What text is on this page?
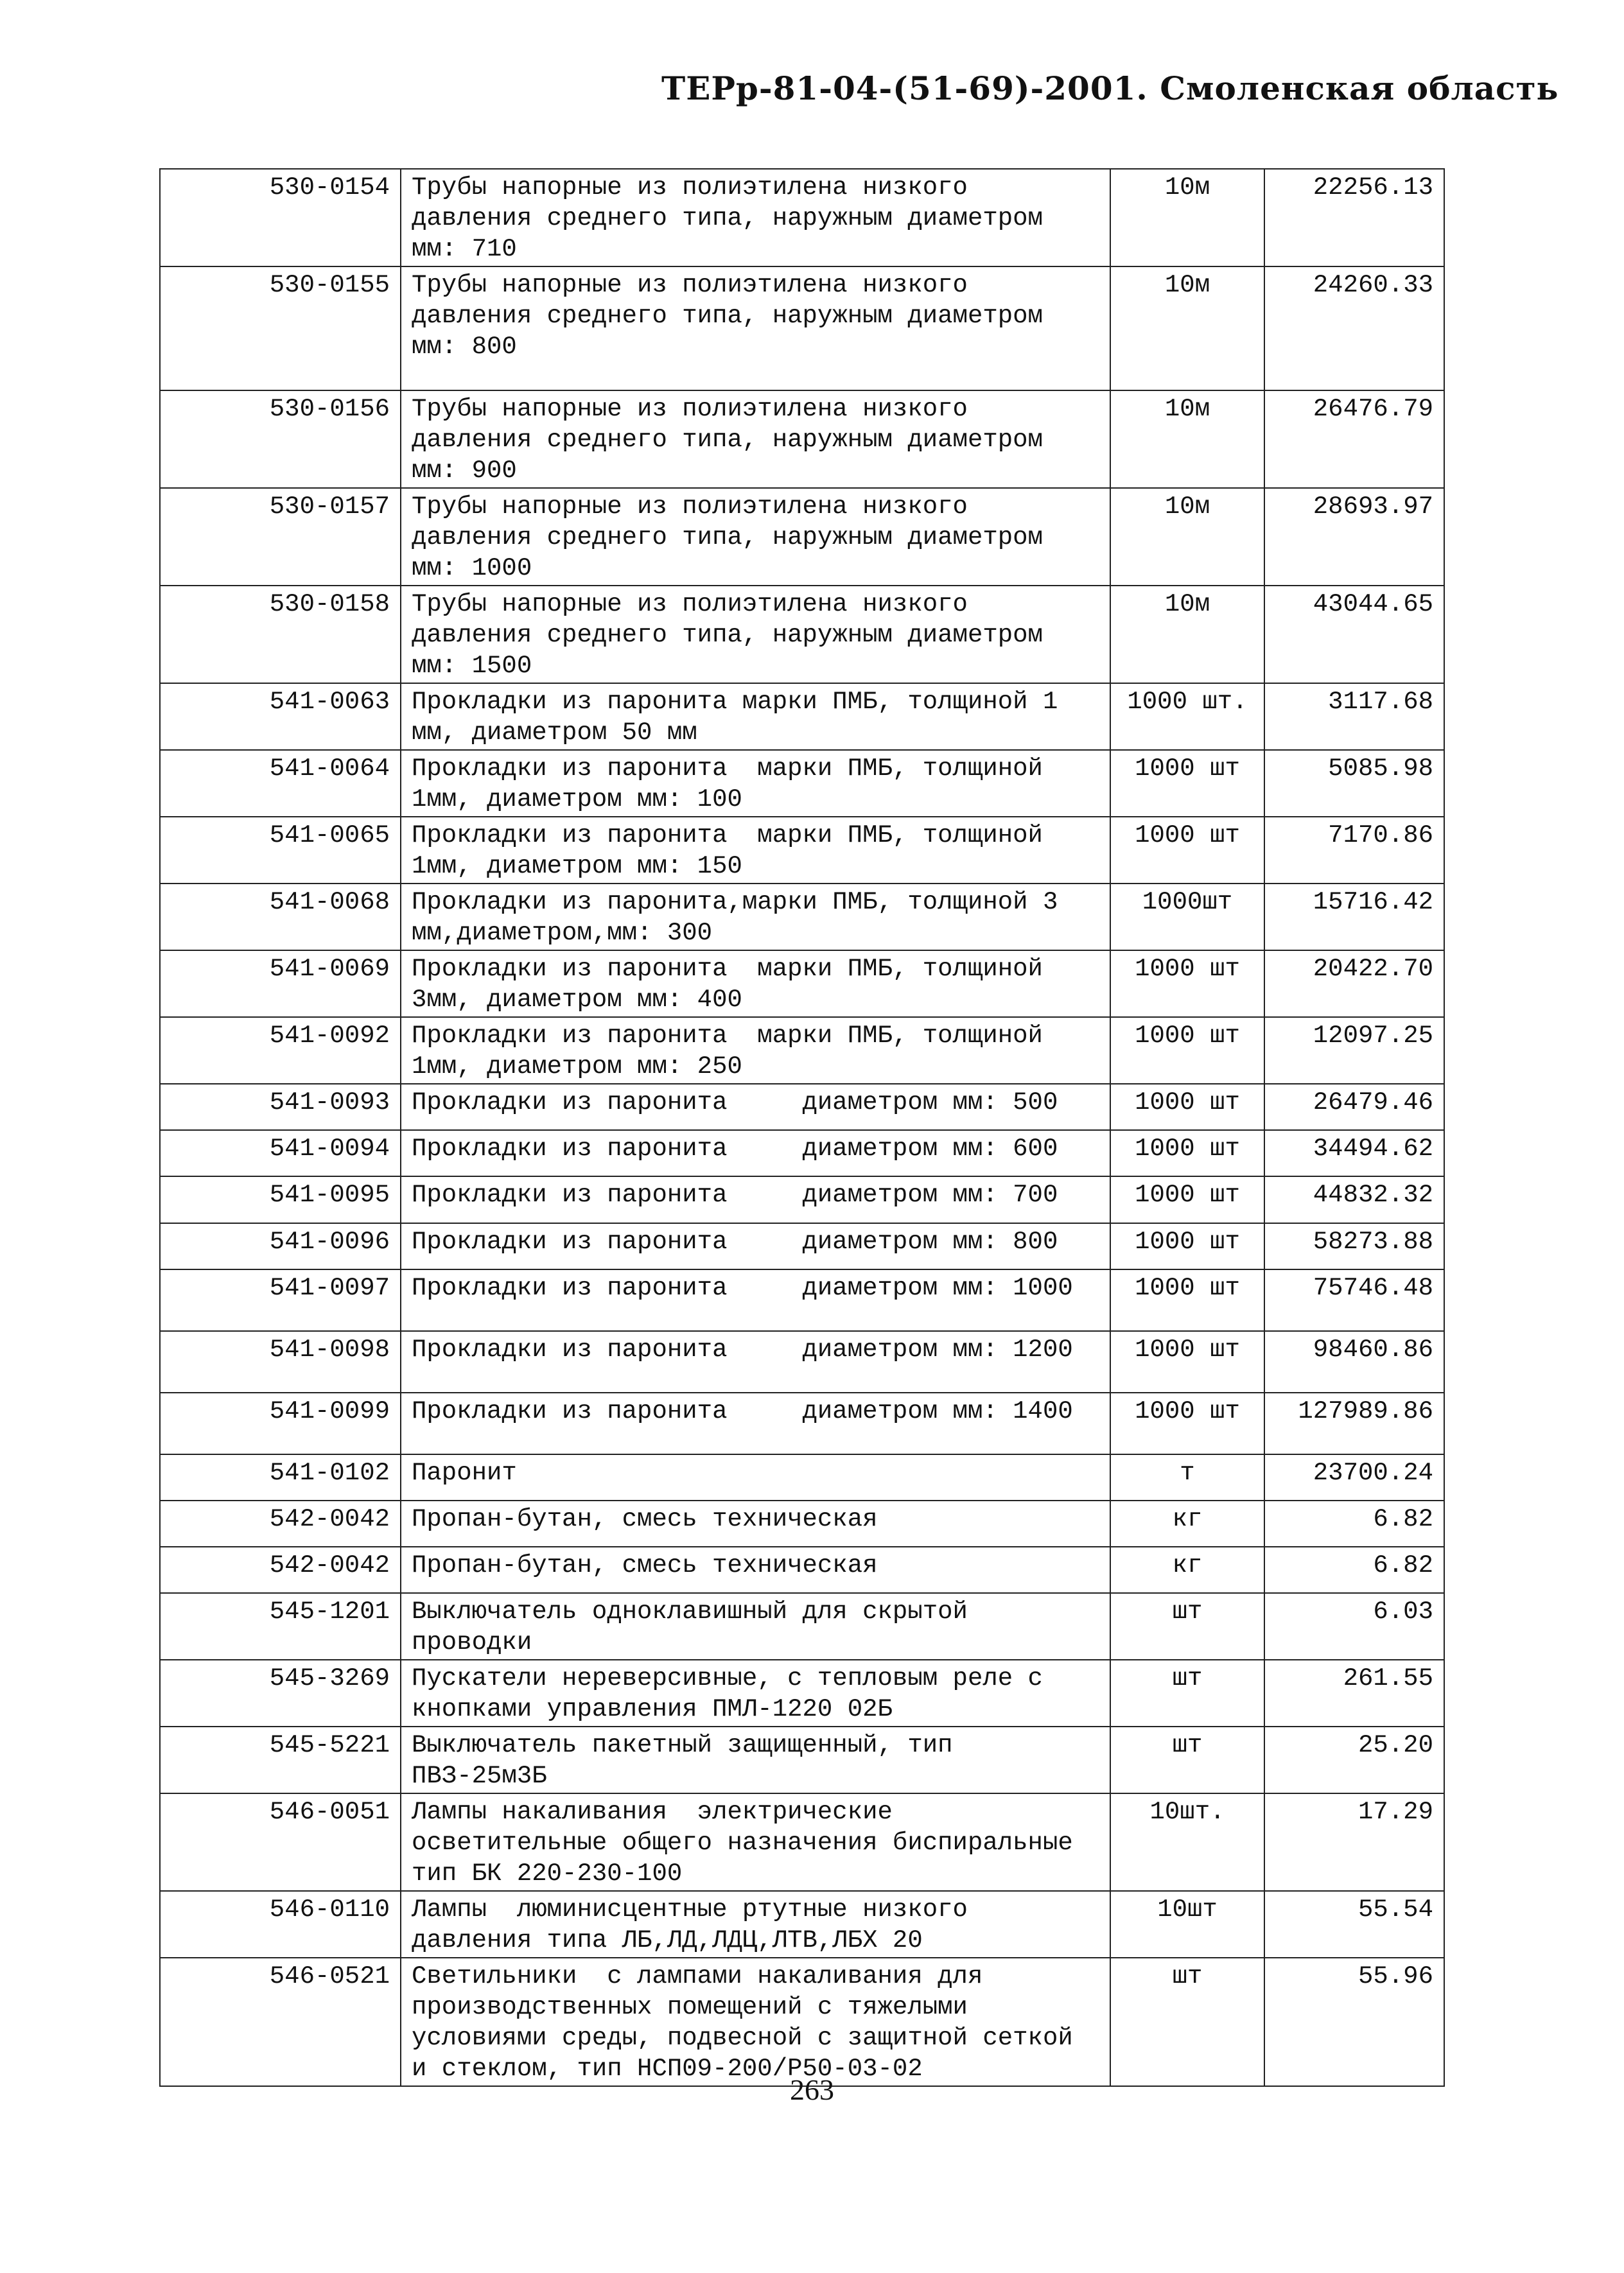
ТЕРр-81-04-(51-69)-2001. Смоленская область
530-0154	Трубы напорные из полиэтилена низкого давления среднего типа, наружным диаметром мм: 710	10м	22256.13
530-0155	Трубы напорные из полиэтилена низкого давления среднего типа, наружным диаметром мм: 800	10м	24260.33
530-0156	Трубы напорные из полиэтилена низкого давления среднего типа, наружным диаметром мм: 900	10м	26476.79
530-0157	Трубы напорные из полиэтилена низкого давления среднего типа, наружным диаметром мм: 1000	10м	28693.97
530-0158	Трубы напорные из полиэтилена низкого давления среднего типа, наружным диаметром мм: 1500	10м	43044.65
541-0063	Прокладки из паронита марки ПМБ, толщиной 1 мм, диаметром 50 мм	1000 шт.	3117.68
541-0064	Прокладки из паронита  марки ПМБ, толщиной 1мм, диаметром мм: 100	1000 шт	5085.98
541-0065	Прокладки из паронита  марки ПМБ, толщиной 1мм, диаметром мм: 150	1000 шт	7170.86
541-0068	Прокладки из паронита,марки ПМБ, толщиной 3 мм,диаметром,мм: 300	1000шт	15716.42
541-0069	Прокладки из паронита  марки ПМБ, толщиной 3мм, диаметром мм: 400	1000 шт	20422.70
541-0092	Прокладки из паронита  марки ПМБ, толщиной 1мм, диаметром мм: 250	1000 шт	12097.25
541-0093	Прокладки из паронита     диаметром мм: 500	1000 шт	26479.46
541-0094	Прокладки из паронита     диаметром мм: 600	1000 шт	34494.62
541-0095	Прокладки из паронита     диаметром мм: 700	1000 шт	44832.32
541-0096	Прокладки из паронита     диаметром мм: 800	1000 шт	58273.88
541-0097	Прокладки из паронита     диаметром мм: 1000	1000 шт	75746.48
541-0098	Прокладки из паронита     диаметром мм: 1200	1000 шт	98460.86
541-0099	Прокладки из паронита     диаметром мм: 1400	1000 шт	127989.86
541-0102	Паронит	т	23700.24
542-0042	Пропан-бутан, смесь техническая	кг	6.82
542-0042	Пропан-бутан, смесь техническая	кг	6.82
545-1201	Выключатель одноклавишный для скрытой проводки	шт	6.03
545-3269	Пускатели нереверсивные, с тепловым реле с кнопками управления ПМЛ-1220 02Б	шт	261.55
545-5221	Выключатель пакетный защищенный, тип ПВЗ-25м3Б	шт	25.20
546-0051	Лампы накаливания  электрические осветительные общего назначения биспиральные тип БК 220-230-100	10шт.	17.29
546-0110	Лампы  люминисцентные ртутные низкого давления типа ЛБ,ЛД,ЛДЦ,ЛТВ,ЛБХ 20	10шт	55.54
546-0521	Светильники  с лампами накаливания для производственных помещений с тяжелыми условиями среды, подвесной с защитной сеткой и стеклом, тип НСП09-200/Р50-03-02	шт	55.96
263
